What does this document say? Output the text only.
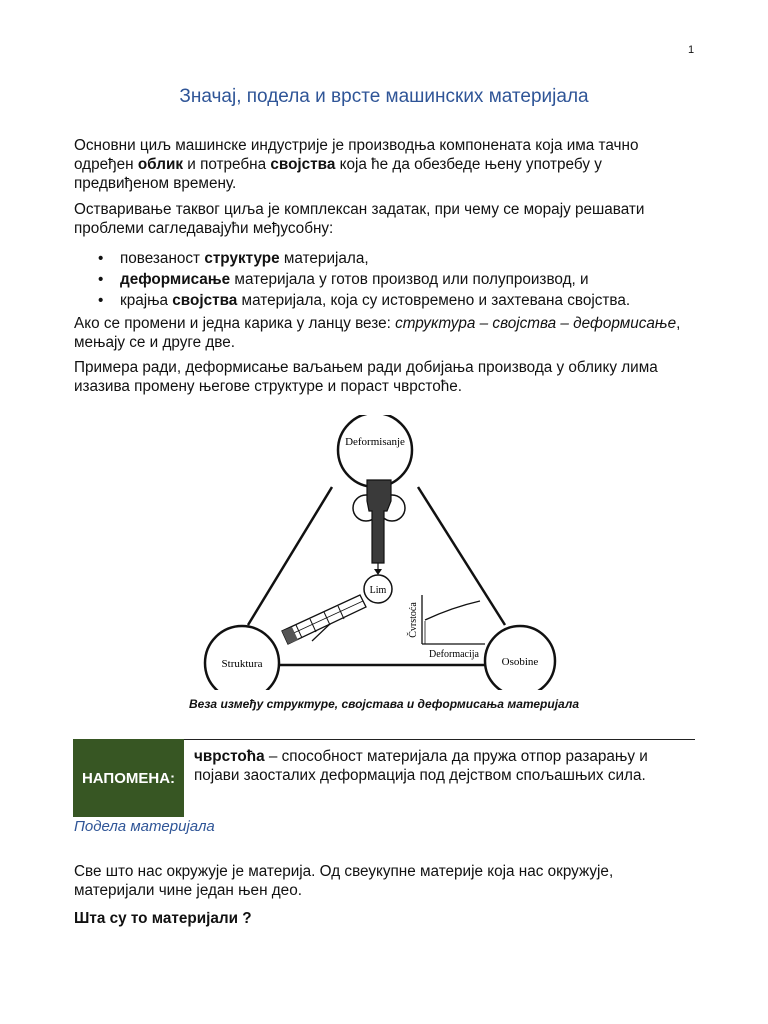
1
Значај, подела и врсте машинских материјала
Основни циљ машинске индустрије је производња компонената која има тачно одређен облик и потребна својства која ће да обезбеде њену употребу у предвиђеном времену.
Остваривање таквог циља је комплексан задатак, при чему се морају решавати проблеми сагледавајући међусобну:
• повезаност структуре материјала,
• деформисање материјала у готов производ или полупроизвод, и
• крајња својства материјала, која су истовремено и захтевана својства.
Ако се промени и једна карика у ланцу везе: структура – својства – деформисање, мењају се и друге две.
Примера ради, деформисање ваљањем ради добијања производа у облику лима изазива промену његове структуре и пораст чврстоће.
Deformisanje
Lim
Čvrstoća
Deformacija
Struktura	Osobine
Веза између структуре, својстава и деформисања материјала
НАПОМЕНА:
чврстоћа – способност материјала да пружа отпор разарању и појави заосталих деформација под дејством спољашњих сила.
Подела материјала
Све што нас окружује је материја. Од свеукупне материје која нас окружује, материјали чине један њен део.
Шта су то материјали ?
